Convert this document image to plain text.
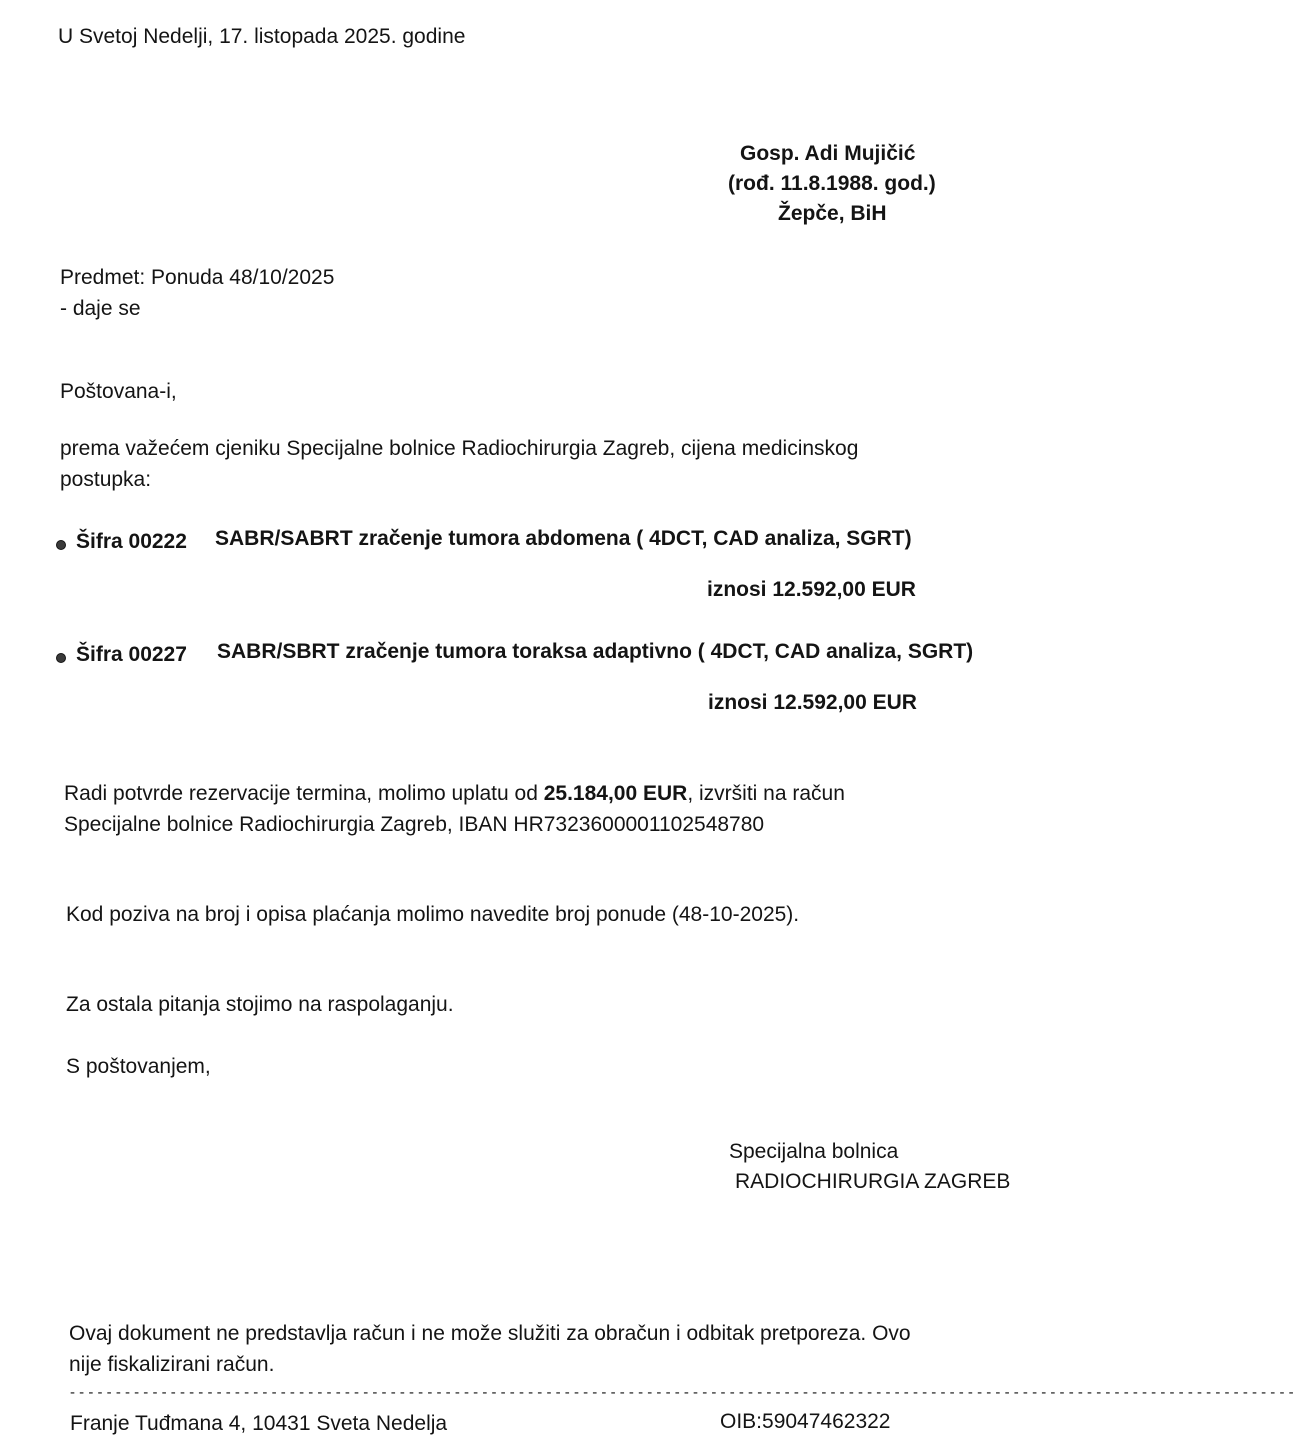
U Svetoj Nedelji, 17. listopada 2025. godine
Gosp. Adi Mujičić
(rođ. 11.8.1988. god.)
Žepče, BiH
Predmet: Ponuda 48/10/2025
- daje se
Poštovana-i,
prema važećem cjeniku Specijalne bolnice Radiochirurgia Zagreb, cijena medicinskog
postupka:
Šifra 00222 SABR/SABRT zračenje tumora abdomena ( 4DCT, CAD analiza, SGRT)
iznosi 12.592,00 EUR
Šifra 00227 SABR/SBRT zračenje tumora toraksa adaptivno ( 4DCT, CAD analiza, SGRT)
iznosi 12.592,00 EUR
Radi potvrde rezervacije termina, molimo uplatu od 25.184,00 EUR, izvršiti na račun
Specijalne bolnice Radiochirurgia Zagreb, IBAN HR7323600001102548780
Kod poziva na broj i opisa plaćanja molimo navedite broj ponude (48-10-2025).
Za ostala pitanja stojimo na raspolaganju.
S poštovanjem,
Specijalna bolnica
RADIOCHIRURGIA ZAGREB
Ovaj dokument ne predstavlja račun i ne može služiti za obračun i odbitak pretporeza. Ovo
nije fiskalizirani račun.
- - - - - - - - - - - - - - - - - - - - - - - - - - - - - - - - - - - - - - - - - - - - - - - - - - - - - - - - - - - - - - - - - - - - - - - - - - - - - - - - - - - - - - - - - - - - - - - - - - - - - - - - - - - - - - - - - - - - - - - - - - - - - - - - - - - - - -
Franje Tuđmana 4, 10431 Sveta Nedelja	OIB:59047462322
